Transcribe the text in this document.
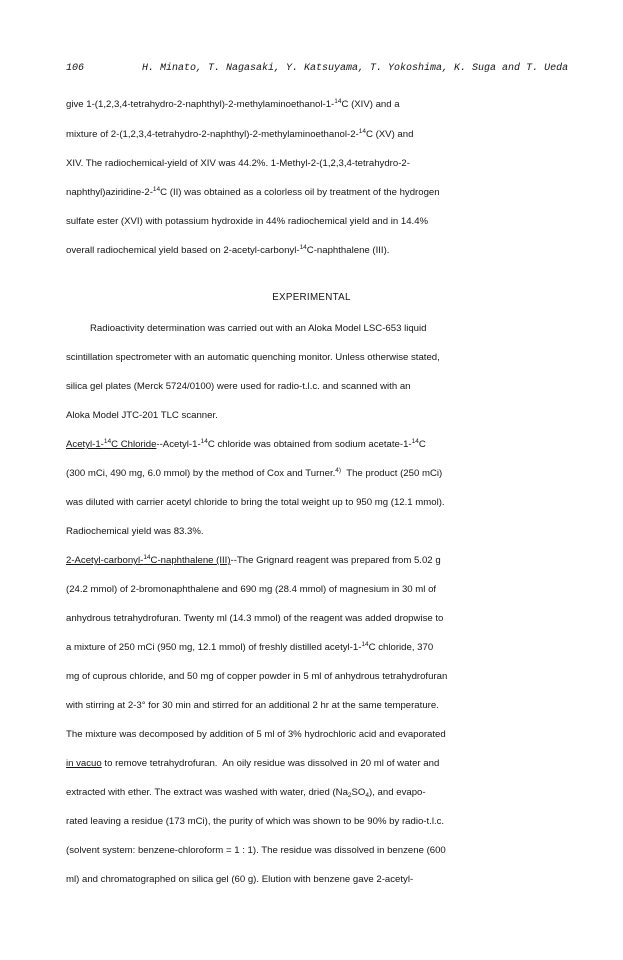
106	H. Minato, T. Nagasaki, Y. Katsuyama, T. Yokoshima, K. Suga and T. Ueda
give 1-(1,2,3,4-tetrahydro-2-naphthyl)-2-methylaminoethanol-1-$^{14}$C (XIV) and a
mixture of 2-(1,2,3,4-tetrahydro-2-naphthyl)-2-methylaminoethanol-2-$^{14}$C (XV) and
XIV. The radiochemical-yield of XIV was 44.2%. 1-Methyl-2-(1,2,3,4-tetrahydro-2-
naphthyl)aziridine-2-$^{14}$C (II) was obtained as a colorless oil by treatment of the hydrogen
sulfate ester (XVI) with potassium hydroxide in 44% radiochemical yield and in 14.4%
overall radiochemical yield based on 2-acetyl-carbonyl-$^{14}$C-naphthalene (III).
EXPERIMENTAL
Radioactivity determination was carried out with an Aloka Model LSC-653 liquid
scintillation spectrometer with an automatic quenching monitor. Unless otherwise stated,
silica gel plates (Merck 5724/0100) were used for radio-t.l.c. and scanned with an
Aloka Model JTC-201 TLC scanner.
Acetyl-1-$^{14}$C Chloride--Acetyl-1-$^{14}$C chloride was obtained from sodium acetate-1-$^{14}$C
(300 mCi, 490 mg, 6.0 mmol) by the method of Cox and Turner.$^{4)}$  The product (250 mCi)
was diluted with carrier acetyl chloride to bring the total weight up to 950 mg (12.1 mmol).
Radiochemical yield was 83.3%.
2-Acetyl-carbonyl-$^{14}$C-naphthalene (III)--The Grignard reagent was prepared from 5.02 g
(24.2 mmol) of 2-bromonaphthalene and 690 mg (28.4 mmol) of magnesium in 30 ml of
anhydrous tetrahydrofuran. Twenty ml (14.3 mmol) of the reagent was added dropwise to
a mixture of 250 mCi (950 mg, 12.1 mmol) of freshly distilled acetyl-1-$^{14}$C chloride, 370
mg of cuprous chloride, and 50 mg of copper powder in 5 ml of anhydrous tetrahydrofuran
with stirring at 2-3° for 30 min and stirred for an additional 2 hr at the same temperature.
The mixture was decomposed by addition of 5 ml of 3% hydrochloric acid and evaporated
in vacuo to remove tetrahydrofuran.  An oily residue was dissolved in 20 ml of water and
extracted with ether. The extract was washed with water, dried $(Na_2SO_4)$, and evapo-
rated leaving a residue (173 mCi), the purity of which was shown to be 90% by radio-t.l.c.
(solvent system: benzene-chloroform = 1 : 1). The residue was dissolved in benzene (600
ml) and chromatographed on silica gel (60 g). Elution with benzene gave 2-acetyl-
